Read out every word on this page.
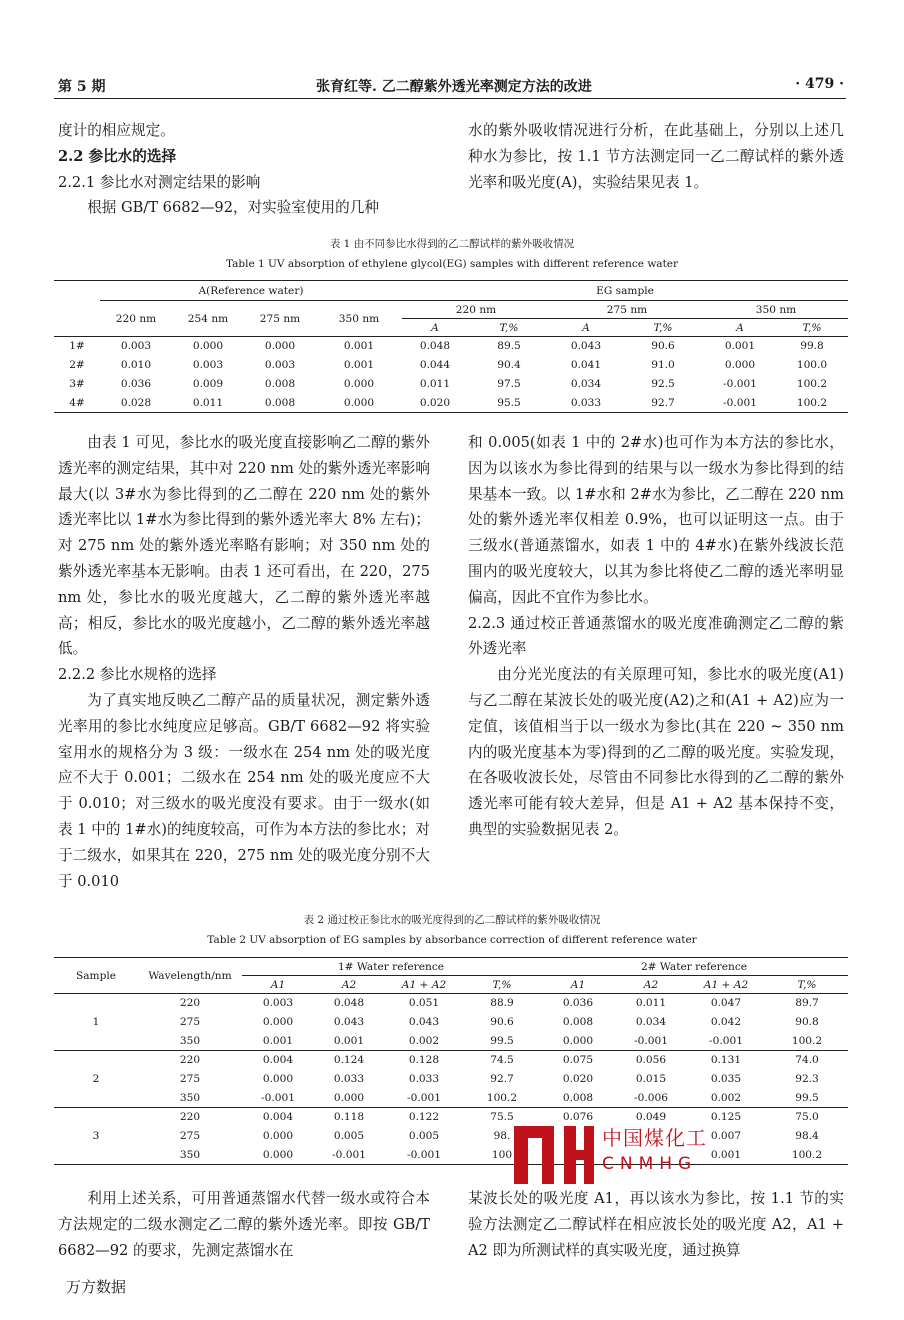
第 5 期	张育红等. 乙二醇紫外透光率测定方法的改进	· 479 ·

度计的相应规定。

2.2 参比水的选择

2.2.1 参比水对测定结果的影响

根据 GB/T 6682—92，对实验室使用的几种

水的紫外吸收情况进行分析，在此基础上，分别以上述几种水为参比，按 1.1 节方法测定同一乙二醇试样的紫外透光率和吸光度(A)，实验结果见表 1。

表 1 由不同参比水得到的乙二醇试样的紫外吸收情况
Table 1 UV absorption of ethylene glycol(EG) samples with different reference water
	A(Reference water)				EG sample					
	220 nm	254 nm	275 nm	350 nm	220 nm		275 nm		350 nm	
					A	T,%	A	T,%	A	T,%
1#	0.003	0.000	0.000	0.001	0.048	89.5	0.043	90.6	0.001	99.8
2#	0.010	0.003	0.003	0.001	0.044	90.4	0.041	91.0	0.000	100.0
3#	0.036	0.009	0.008	0.000	0.011	97.5	0.034	92.5	-0.001	100.2
4#	0.028	0.011	0.008	0.000	0.020	95.5	0.033	92.7	-0.001	100.2

由表 1 可见，参比水的吸光度直接影响乙二醇的紫外透光率的测定结果，其中对 220 nm 处的紫外透光率影响最大(以 3#水为参比得到的乙二醇在 220 nm 处的紫外透光率比以 1#水为参比得到的紫外透光率大 8% 左右)；对 275 nm 处的紫外透光率略有影响；对 350 nm 处的紫外透光率基本无影响。由表 1 还可看出，在 220，275 nm 处，参比水的吸光度越大，乙二醇的紫外透光率越高；相反，参比水的吸光度越小，乙二醇的紫外透光率越低。

2.2.2 参比水规格的选择

为了真实地反映乙二醇产品的质量状况，测定紫外透光率用的参比水纯度应足够高。GB/T 6682—92 将实验室用水的规格分为 3 级：一级水在 254 nm 处的吸光度应不大于 0.001；二级水在 254 nm 处的吸光度应不大于 0.010；对三级水的吸光度没有要求。由于一级水(如表 1 中的 1#水)的纯度较高，可作为本方法的参比水；对于二级水，如果其在 220，275 nm 处的吸光度分别不大于 0.010

和 0.005(如表 1 中的 2#水)也可作为本方法的参比水，因为以该水为参比得到的结果与以一级水为参比得到的结果基本一致。以 1#水和 2#水为参比，乙二醇在 220 nm 处的紫外透光率仅相差 0.9%，也可以证明这一点。由于三级水(普通蒸馏水，如表 1 中的 4#水)在紫外线波长范围内的吸光度较大，以其为参比将使乙二醇的透光率明显偏高，因此不宜作为参比水。

2.2.3 通过校正普通蒸馏水的吸光度准确测定乙二醇的紫外透光率

由分光光度法的有关原理可知，参比水的吸光度(A1)与乙二醇在某波长处的吸光度(A2)之和(A1 + A2)应为一定值，该值相当于以一级水为参比(其在 220 ~ 350 nm 内的吸光度基本为零)得到的乙二醇的吸光度。实验发现，在各吸收波长处，尽管由不同参比水得到的乙二醇的紫外透光率可能有较大差异，但是 A1 + A2 基本保持不变，典型的实验数据见表 2。

表 2 通过校正参比水的吸光度得到的乙二醇试样的紫外吸收情况
Table 2 UV absorption of EG samples by absorbance correction of different reference water
Sample	Wavelength/nm	1# Water reference				2# Water reference			
		A1	A2	A1 + A2	T,%	A1	A2	A1 + A2	T,%
1	220	0.003	0.048	0.051	88.9	0.036	0.011	0.047	89.7
	275	0.000	0.043	0.043	90.6	0.008	0.034	0.042	90.8
	350	0.001	0.001	0.002	99.5	0.000	-0.001	-0.001	100.2
2	220	0.004	0.124	0.128	74.5	0.075	0.056	0.131	74.0
	275	0.000	0.033	0.033	92.7	0.020	0.015	0.035	92.3
	350	-0.001	0.000	-0.001	100.2	0.008	-0.006	0.002	99.5
3	220	0.004	0.118	0.122	75.5	0.076	0.049	0.125	75.0
	275	0.000	0.005	0.005	98.			0.007	98.4
	350	0.000	-0.001	-0.001	100			0.001	100.2
中国煤化工
CNMHG

利用上述关系，可用普通蒸馏水代替一级水或符合本方法规定的二级水测定乙二醇的紫外透光率。即按 GB/T 6682—92 的要求，先测定蒸馏水在

某波长处的吸光度 A1，再以该水为参比，按 1.1 节的实验方法测定乙二醇试样在相应波长处的吸光度 A2，A1 + A2 即为所测试样的真实吸光度，通过换算

万方数据
